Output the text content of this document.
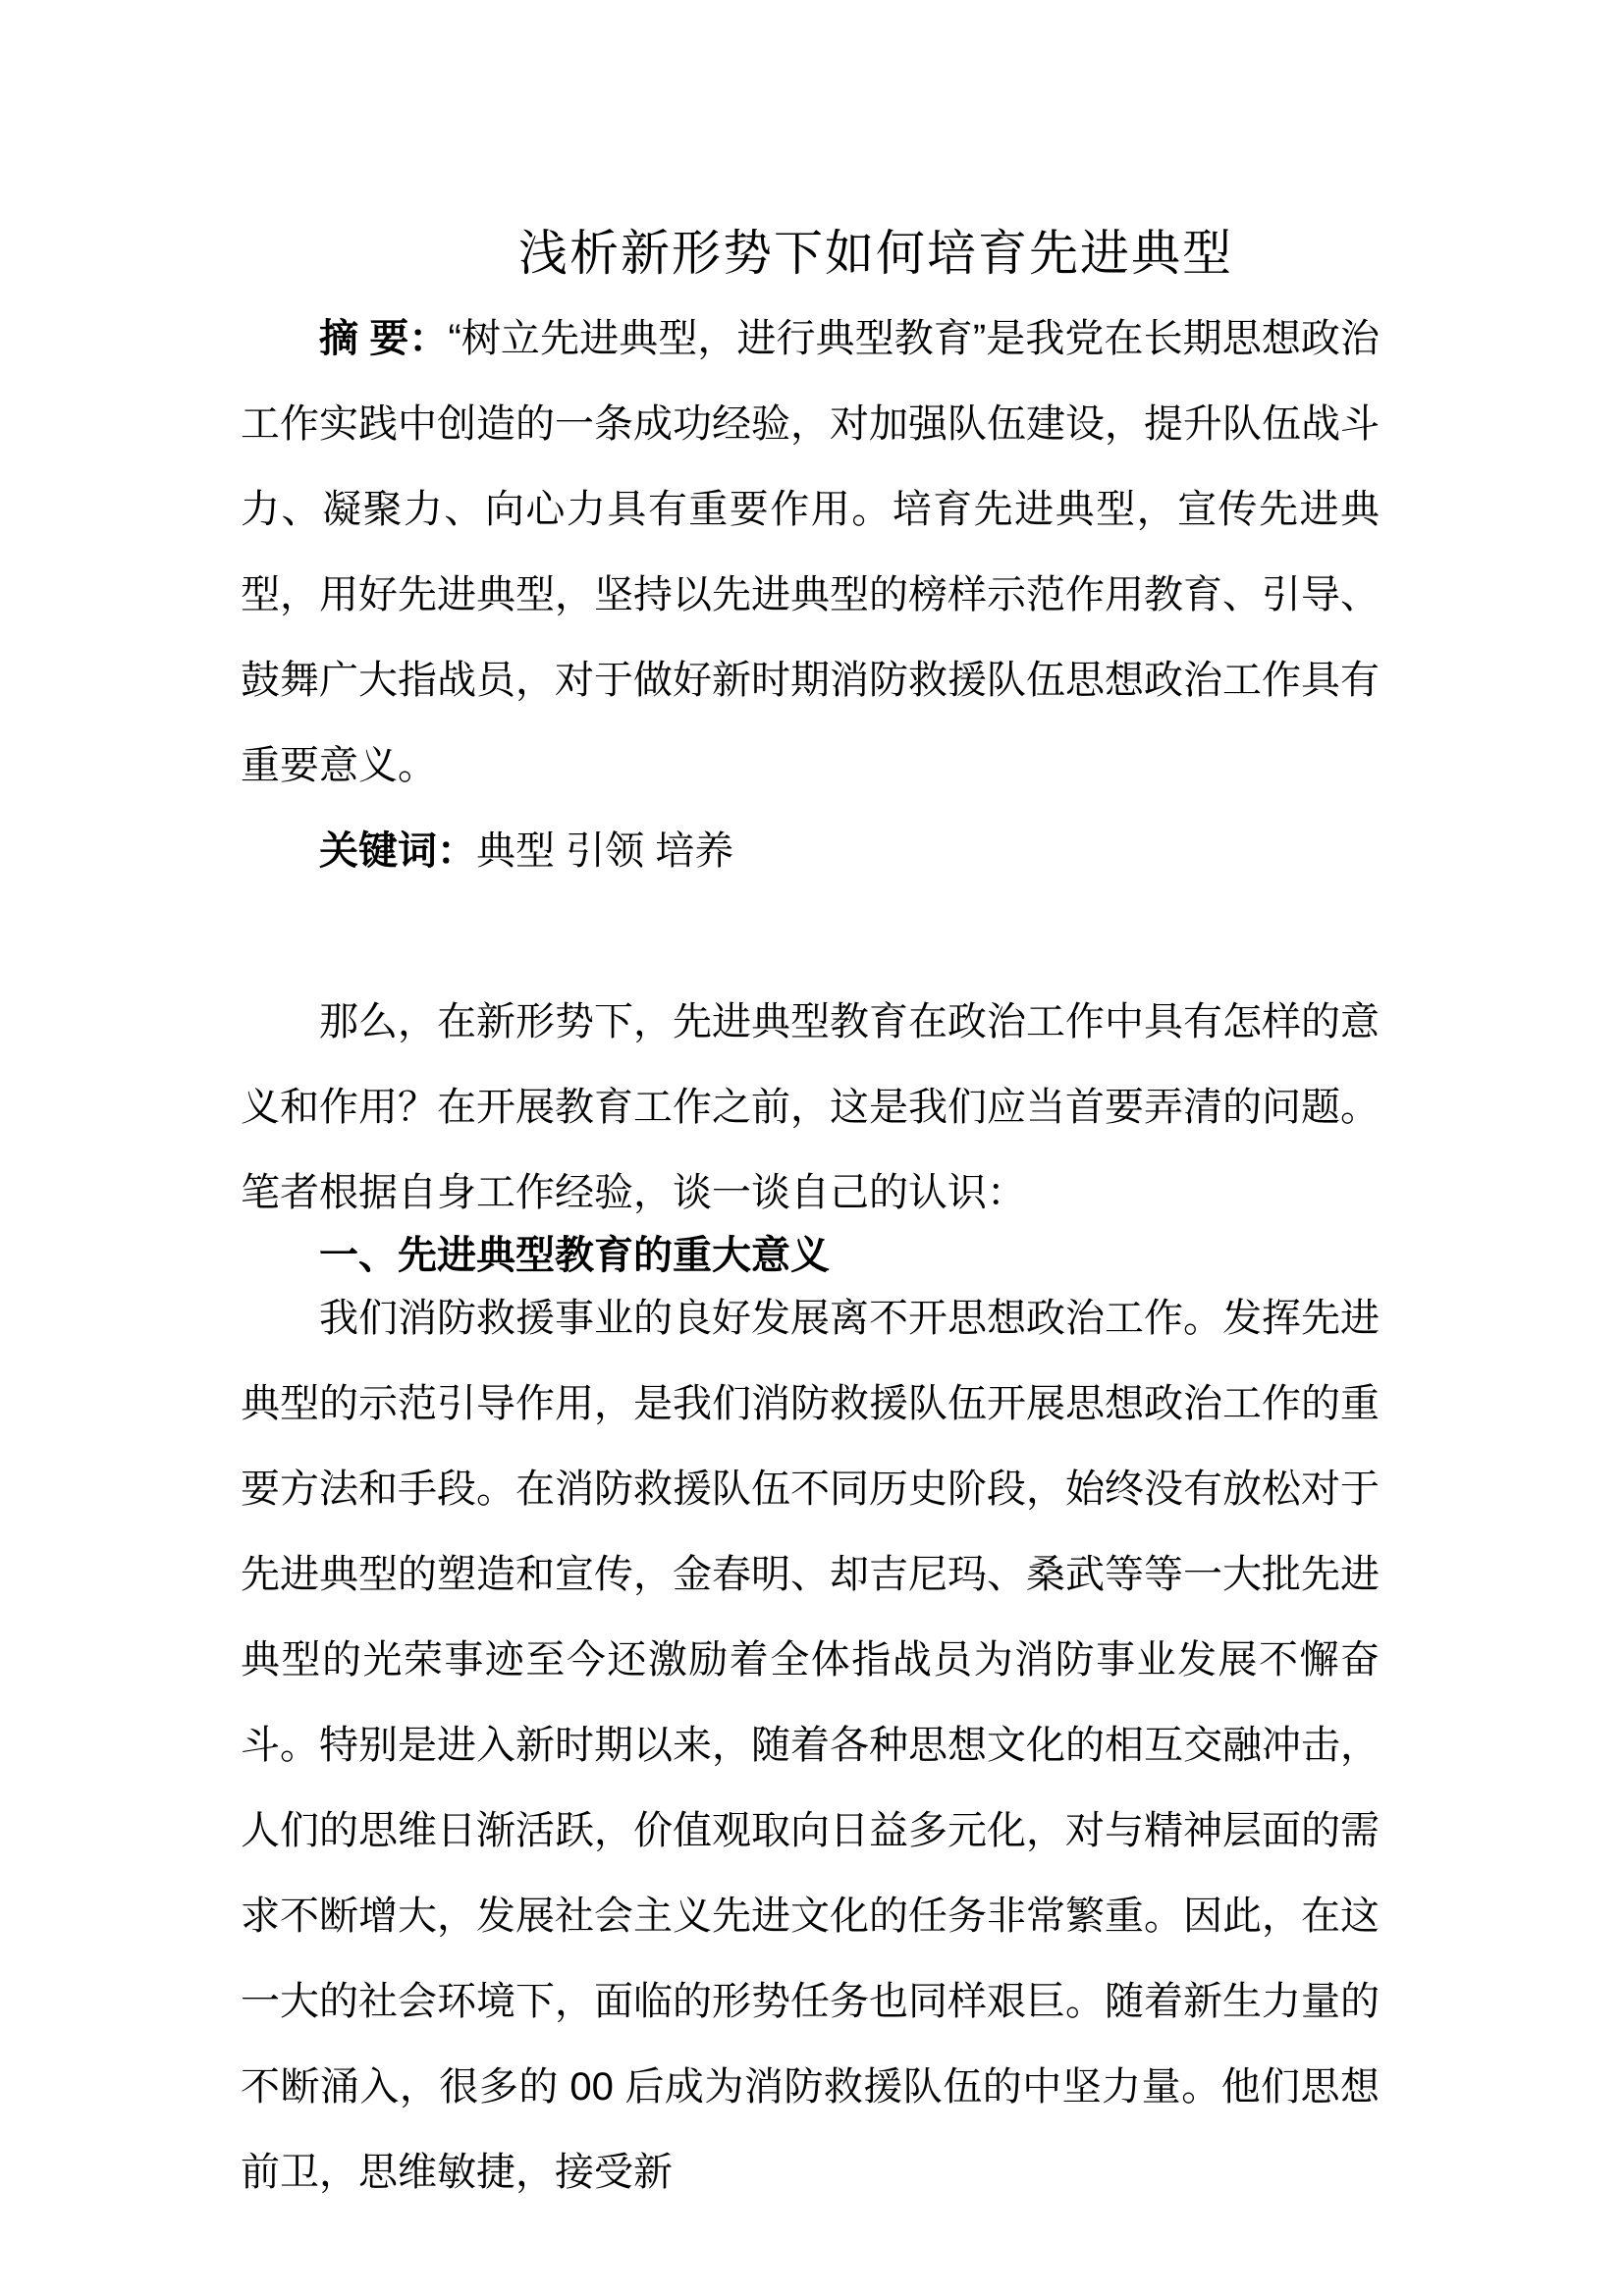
浅析新形势下如何培育先进典型

摘 要：“树立先进典型，进行典型教育”是我党在长期思想政治工作实践中创造的一条成功经验，对加强队伍建设，提升队伍战斗力、凝聚力、向心力具有重要作用。培育先进典型，宣传先进典型，用好先进典型，坚持以先进典型的榜样示范作用教育、引导、鼓舞广大指战员，对于做好新时期消防救援队伍思想政治工作具有重要意义。

关键词：典型 引领 培养

那么，在新形势下，先进典型教育在政治工作中具有怎样的意义和作用？在开展教育工作之前，这是我们应当首要弄清的问题。笔者根据自身工作经验，谈一谈自己的认识：

一、先进典型教育的重大意义

我们消防救援事业的良好发展离不开思想政治工作。发挥先进典型的示范引导作用，是我们消防救援队伍开展思想政治工作的重要方法和手段。在消防救援队伍不同历史阶段，始终没有放松对于先进典型的塑造和宣传，金春明、却吉尼玛、桑武等等一大批先进典型的光荣事迹至今还激励着全体指战员为消防事业发展不懈奋斗。特别是进入新时期以来，随着各种思想文化的相互交融冲击，人们的思维日渐活跃，价值观取向日益多元化，对与精神层面的需求不断增大，发展社会主义先进文化的任务非常繁重。因此，在这一大的社会环境下，面临的形势任务也同样艰巨。随着新生力量的不断涌入，很多的 00 后成为消防救援队伍的中坚力量。他们思想前卫，思维敏捷，接受新
